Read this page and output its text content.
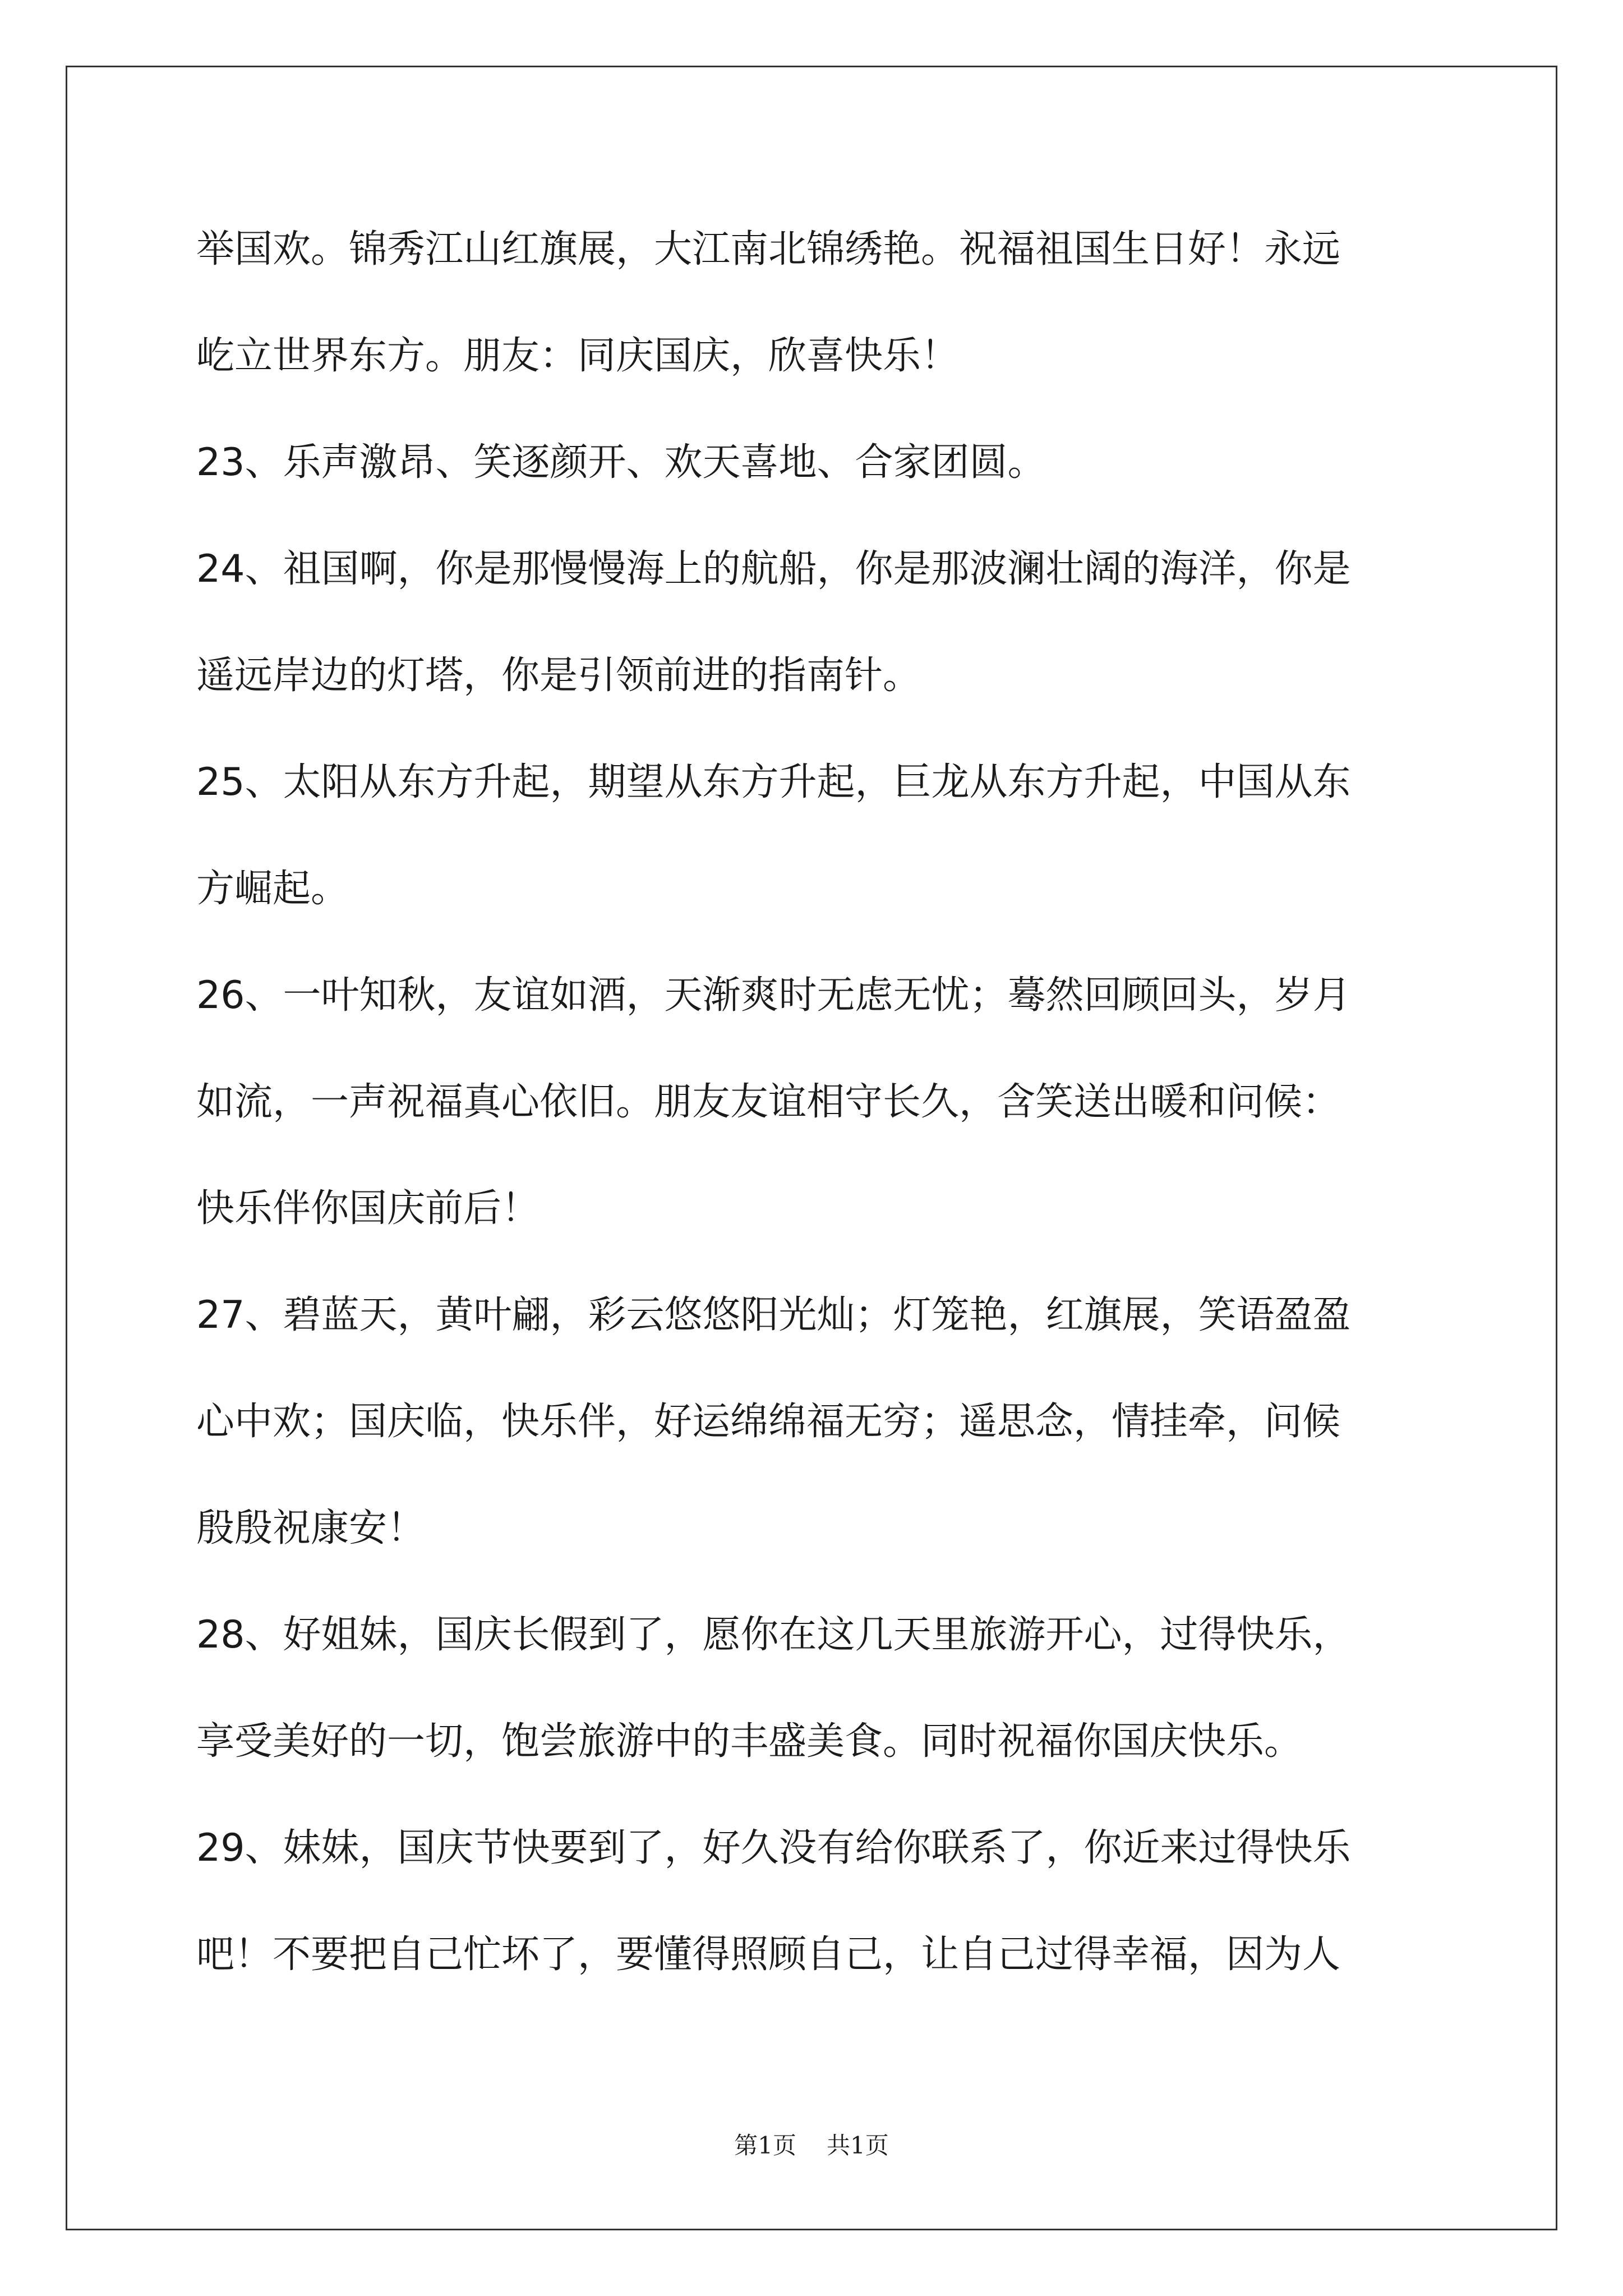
举国欢。锦秀江山红旗展，大江南北锦绣艳。祝福祖国生日好！永远
屹立世界东方。朋友：同庆国庆，欣喜快乐！
23、乐声激昂、笑逐颜开、欢天喜地、合家团圆。
24、祖国啊，你是那慢慢海上的航船，你是那波澜壮阔的海洋，你是
遥远岸边的灯塔，你是引领前进的指南针。
25、太阳从东方升起，期望从东方升起，巨龙从东方升起，中国从东
方崛起。
26、一叶知秋，友谊如酒，天渐爽时无虑无忧；蓦然回顾回头，岁月
如流，一声祝福真心依旧。朋友友谊相守长久，含笑送出暖和问候：
快乐伴你国庆前后！
27、碧蓝天，黄叶翩，彩云悠悠阳光灿；灯笼艳，红旗展，笑语盈盈
心中欢；国庆临，快乐伴，好运绵绵福无穷；遥思念，情挂牵，问候
殷殷祝康安！
28、好姐妹，国庆长假到了，愿你在这几天里旅游开心，过得快乐，
享受美好的一切，饱尝旅游中的丰盛美食。同时祝福你国庆快乐。
29、妹妹，国庆节快要到了，好久没有给你联系了，你近来过得快乐
吧！不要把自己忙坏了，要懂得照顾自己，让自己过得幸福，因为人
第1页 共1页
